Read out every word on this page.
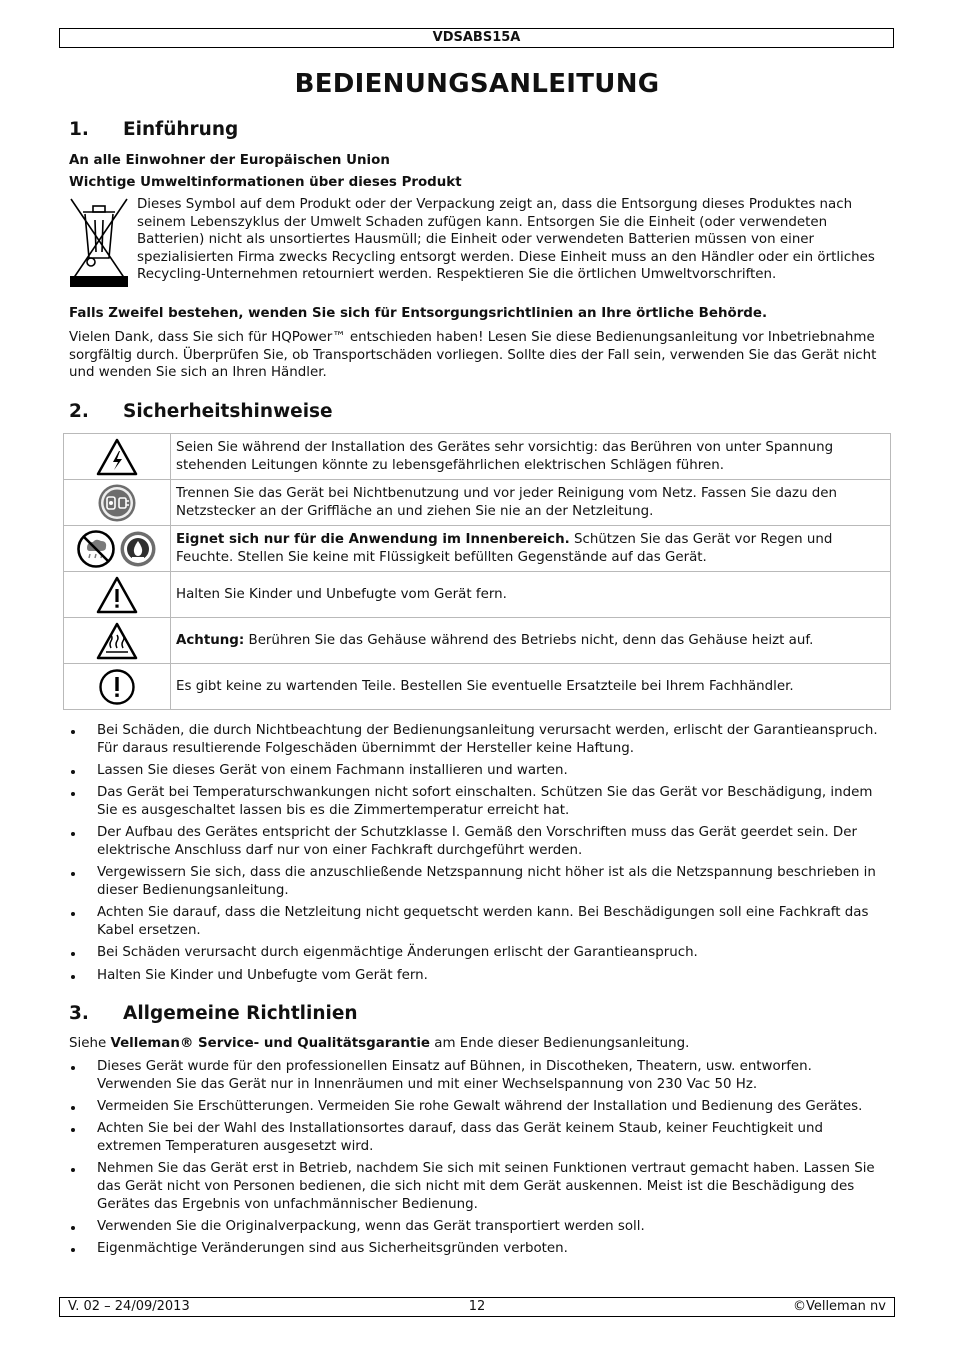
VDSABS15A
BEDIENUNGSANLEITUNG
1. Einführung
An alle Einwohner der Europäischen Union
Wichtige Umweltinformationen über dieses Produkt
Dieses Symbol auf dem Produkt oder der Verpackung zeigt an, dass die Entsorgung dieses Produktes nach seinem Lebenszyklus der Umwelt Schaden zufügen kann. Entsorgen Sie die Einheit (oder verwendeten Batterien) nicht als unsortiertes Hausmüll; die Einheit oder verwendeten Batterien müssen von einer spezialisierten Firma zwecks Recycling entsorgt werden. Diese Einheit muss an den Händler oder ein örtliches Recycling-Unternehmen retourniert werden. Respektieren Sie die örtlichen Umweltvorschriften.
Falls Zweifel bestehen, wenden Sie sich für Entsorgungsrichtlinien an Ihre örtliche Behörde.
Vielen Dank, dass Sie sich für HQPower™ entschieden haben! Lesen Sie diese Bedienungsanleitung vor Inbetriebnahme sorgfältig durch. Überprüfen Sie, ob Transportschäden vorliegen. Sollte dies der Fall sein, verwenden Sie das Gerät nicht und wenden Sie sich an Ihren Händler.
2. Sicherheitshinweise
	Seien Sie während der Installation des Gerätes sehr vorsichtig: das Berühren von unter Spannung stehenden Leitungen könnte zu lebensgefährlichen elektrischen Schlägen führen.
	Trennen Sie das Gerät bei Nichtbenutzung und vor jeder Reinigung vom Netz. Fassen Sie dazu den Netzstecker an der Griffläche an und ziehen Sie nie an der Netzleitung.
	Eignet sich nur für die Anwendung im Innenbereich. Schützen Sie das Gerät vor Regen und Feuchte. Stellen Sie keine mit Flüssigkeit befüllten Gegenstände auf das Gerät.
	Halten Sie Kinder und Unbefugte vom Gerät fern.
	Achtung: Berühren Sie das Gehäuse während des Betriebs nicht, denn das Gehäuse heizt auf.
	Es gibt keine zu wartenden Teile. Bestellen Sie eventuelle Ersatzteile bei Ihrem Fachhändler.
Bei Schäden, die durch Nichtbeachtung der Bedienungsanleitung verursacht werden, erlischt der Garantieanspruch. Für daraus resultierende Folgeschäden übernimmt der Hersteller keine Haftung.
Lassen Sie dieses Gerät von einem Fachmann installieren und warten.
Das Gerät bei Temperaturschwankungen nicht sofort einschalten. Schützen Sie das Gerät vor Beschädigung, indem Sie es ausgeschaltet lassen bis es die Zimmertemperatur erreicht hat.
Der Aufbau des Gerätes entspricht der Schutzklasse I. Gemäß den Vorschriften muss das Gerät geerdet sein. Der elektrische Anschluss darf nur von einer Fachkraft durchgeführt werden.
Vergewissern Sie sich, dass die anzuschließende Netzspannung nicht höher ist als die Netzspannung beschrieben in dieser Bedienungsanleitung.
Achten Sie darauf, dass die Netzleitung nicht gequetscht werden kann. Bei Beschädigungen soll eine Fachkraft das Kabel ersetzen.
Bei Schäden verursacht durch eigenmächtige Änderungen erlischt der Garantieanspruch.
Halten Sie Kinder und Unbefugte vom Gerät fern.
3. Allgemeine Richtlinien
Siehe Velleman® Service- und Qualitätsgarantie am Ende dieser Bedienungsanleitung.
Dieses Gerät wurde für den professionellen Einsatz auf Bühnen, in Discotheken, Theatern, usw. entworfen. Verwenden Sie das Gerät nur in Innenräumen und mit einer Wechselspannung von 230 Vac 50 Hz.
Vermeiden Sie Erschütterungen. Vermeiden Sie rohe Gewalt während der Installation und Bedienung des Gerätes.
Achten Sie bei der Wahl des Installationsortes darauf, dass das Gerät keinem Staub, keiner Feuchtigkeit und extremen Temperaturen ausgesetzt wird.
Nehmen Sie das Gerät erst in Betrieb, nachdem Sie sich mit seinen Funktionen vertraut gemacht haben. Lassen Sie das Gerät nicht von Personen bedienen, die sich nicht mit dem Gerät auskennen. Meist ist die Beschädigung des Gerätes das Ergebnis von unfachmännischer Bedienung.
Verwenden Sie die Originalverpackung, wenn das Gerät transportiert werden soll.
Eigenmächtige Veränderungen sind aus Sicherheitsgründen verboten.
V. 02 – 24/09/2013	12	©Velleman nv
